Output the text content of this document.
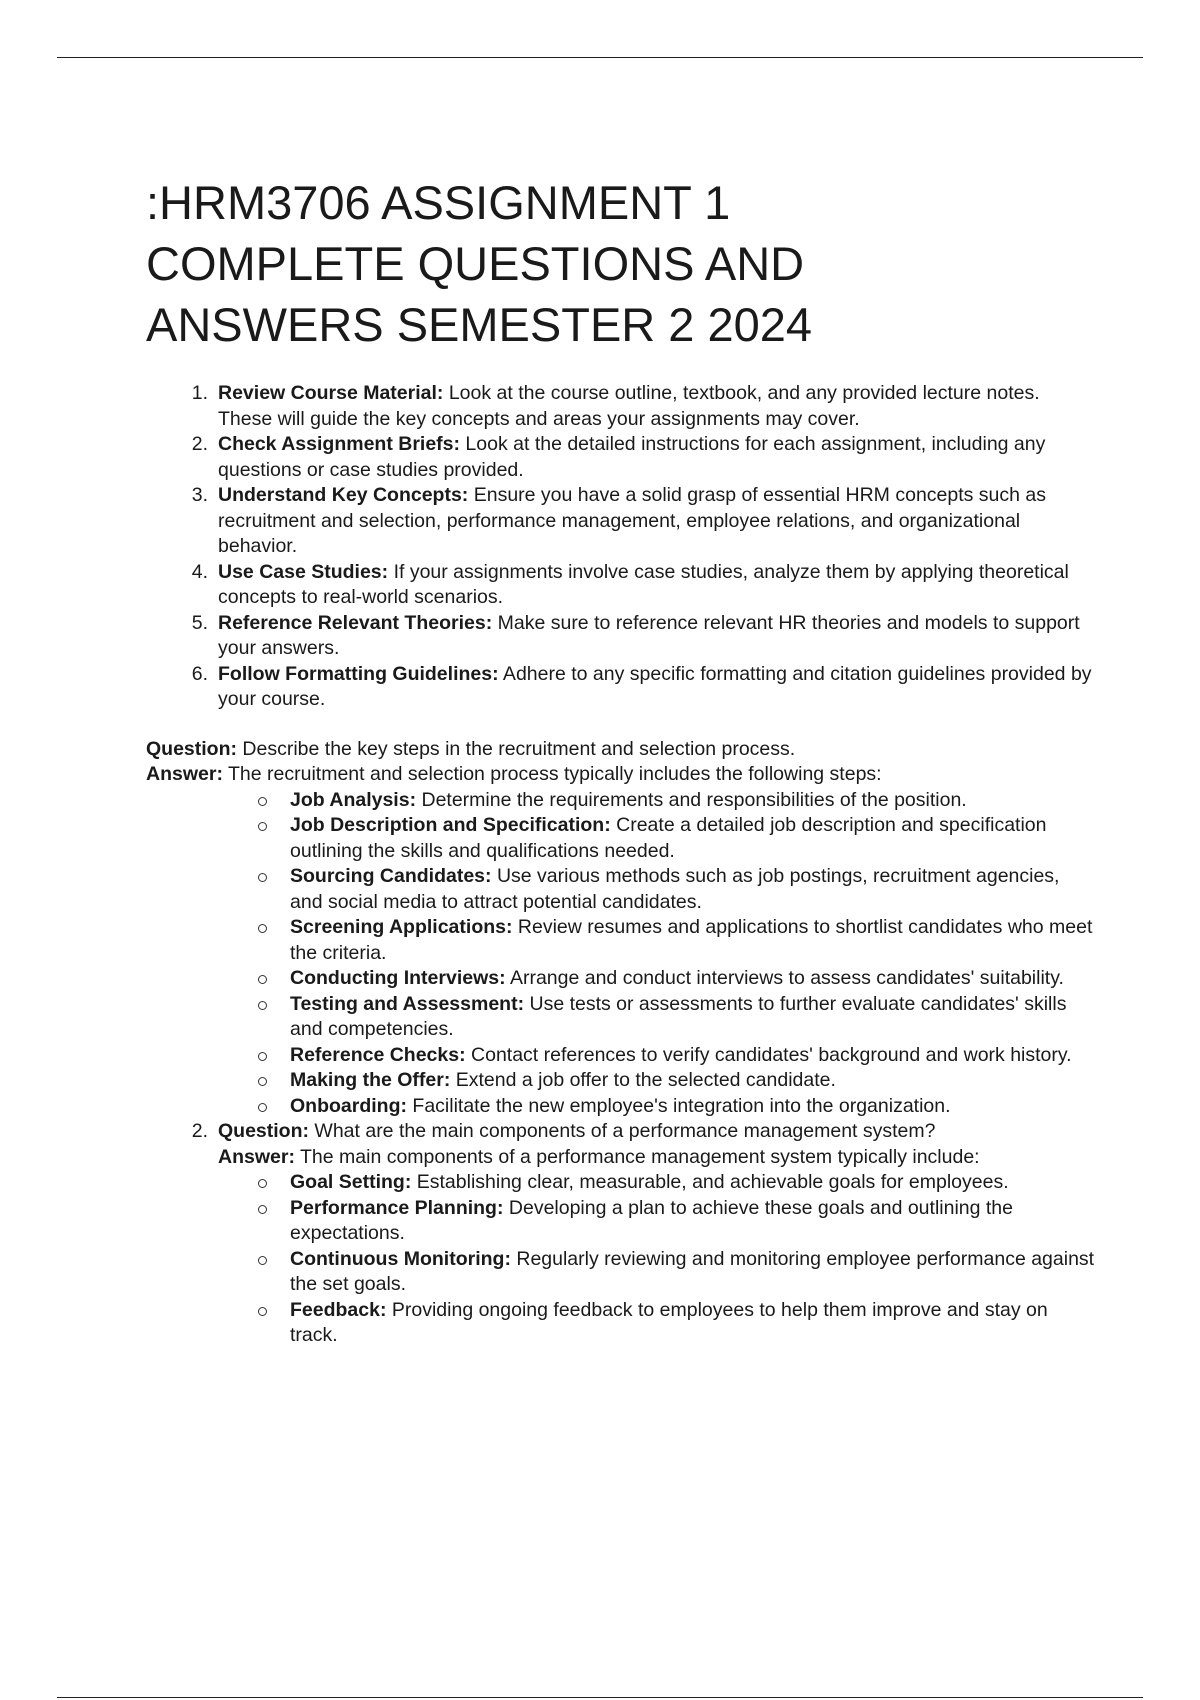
:HRM3706 ASSIGNMENT 1
COMPLETE QUESTIONS AND
ANSWERS SEMESTER 2 2024
1. Review Course Material: Look at the course outline, textbook, and any provided lecture notes. These will guide the key concepts and areas your assignments may cover.
2. Check Assignment Briefs: Look at the detailed instructions for each assignment, including any questions or case studies provided.
3. Understand Key Concepts: Ensure you have a solid grasp of essential HRM concepts such as recruitment and selection, performance management, employee relations, and organizational behavior.
4. Use Case Studies: If your assignments involve case studies, analyze them by applying theoretical concepts to real-world scenarios.
5. Reference Relevant Theories: Make sure to reference relevant HR theories and models to support your answers.
6. Follow Formatting Guidelines: Adhere to any specific formatting and citation guidelines provided by your course.
Question: Describe the key steps in the recruitment and selection process.
Answer: The recruitment and selection process typically includes the following steps:
Job Analysis: Determine the requirements and responsibilities of the position.
Job Description and Specification: Create a detailed job description and specification outlining the skills and qualifications needed.
Sourcing Candidates: Use various methods such as job postings, recruitment agencies, and social media to attract potential candidates.
Screening Applications: Review resumes and applications to shortlist candidates who meet the criteria.
Conducting Interviews: Arrange and conduct interviews to assess candidates' suitability.
Testing and Assessment: Use tests or assessments to further evaluate candidates' skills and competencies.
Reference Checks: Contact references to verify candidates' background and work history.
Making the Offer: Extend a job offer to the selected candidate.
Onboarding: Facilitate the new employee's integration into the organization.
2. Question: What are the main components of a performance management system?
Answer: The main components of a performance management system typically include:
Goal Setting: Establishing clear, measurable, and achievable goals for employees.
Performance Planning: Developing a plan to achieve these goals and outlining the expectations.
Continuous Monitoring: Regularly reviewing and monitoring employee performance against the set goals.
Feedback: Providing ongoing feedback to employees to help them improve and stay on track.
